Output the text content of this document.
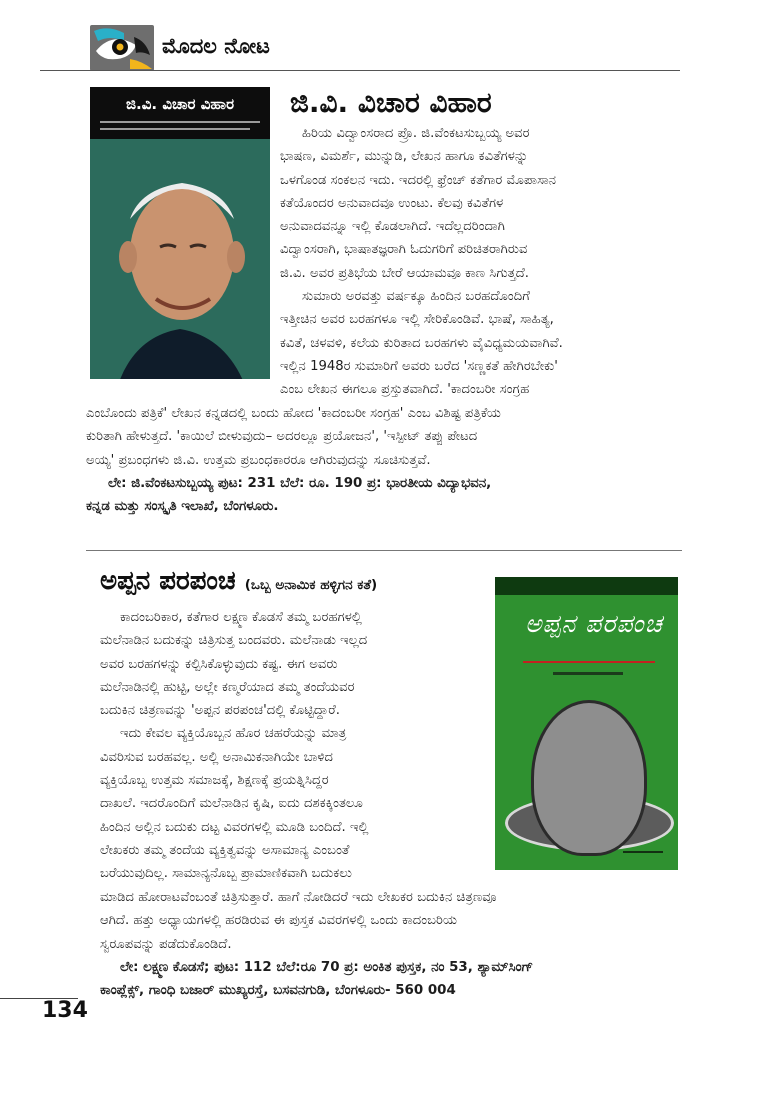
ಮೊದಲ ನೋಟ
ಜಿ.ವಿ. ವಿಚಾರ ವಿಹಾರ	ಜಿ.ವಿ. ವಿಚಾರ ವಿಹಾರ
ಹಿರಿಯ ವಿದ್ವಾಂಸರಾದ ಪ್ರೊ. ಜಿ.ವೆಂಕಟಸುಬ್ಬಯ್ಯ ಅವರ
ಭಾಷಣ, ವಿಮರ್ಶೆ, ಮುನ್ನುಡಿ, ಲೇಖನ ಹಾಗೂ ಕವಿತೆಗಳನ್ನು
ಒಳಗೊಂಡ ಸಂಕಲನ ಇದು. ಇದರಲ್ಲಿ ಫ್ರೆಂಚ್ ಕತೆಗಾರ ಮೊಪಾಸಾನ
ಕತೆಯೊಂದರ ಅನುವಾದವೂ ಉಂಟು. ಕೆಲವು ಕವಿತೆಗಳ
ಅನುವಾದವನ್ನೂ ಇಲ್ಲಿ ಕೊಡಲಾಗಿದೆ. ಇದೆಲ್ಲದರಿಂದಾಗಿ
ವಿದ್ವಾಂಸರಾಗಿ, ಭಾಷಾತಜ್ಞರಾಗಿ ಓದುಗರಿಗೆ ಪರಿಚಿತರಾಗಿರುವ
ಜಿ.ವಿ. ಅವರ ಪ್ರತಿಭೆಯ ಬೇರೆ ಆಯಾಮವೂ ಕಾಣ ಸಿಗುತ್ತದೆ.
ಸುಮಾರು ಅರವತ್ತು ವರ್ಷಕ್ಕೂ ಹಿಂದಿನ ಬರಹದೊಂದಿಗೆ
ಇತ್ತೀಚಿನ ಅವರ ಬರಹಗಳೂ ಇಲ್ಲಿ ಸೇರಿಕೊಂಡಿವೆ. ಭಾಷೆ, ಸಾಹಿತ್ಯ,
ಕವಿತೆ, ಚಳವಳಿ, ಕಲೆಯ ಕುರಿತಾದ ಬರಹಗಳು ವೈವಿಧ್ಯಮಯವಾಗಿವೆ.
ಇಲ್ಲಿನ 1948ರ ಸುಮಾರಿಗೆ ಅವರು ಬರೆದ 'ಸಣ್ಣಕತೆ ಹೇಗಿರಬೇಕು'
ಎಂಬ ಲೇಖನ ಈಗಲೂ ಪ್ರಸ್ತುತವಾಗಿದೆ. 'ಕಾದಂಬರೀ ಸಂಗ್ರಹ
ಎಂಬೊಂದು ಪತ್ರಿಕೆ' ಲೇಖನ ಕನ್ನಡದಲ್ಲಿ ಬಂದು ಹೋದ 'ಕಾದಂಬರೀ ಸಂಗ್ರಹ' ಎಂಬ ವಿಶಿಷ್ಟ ಪತ್ರಿಕೆಯ
ಕುರಿತಾಗಿ ಹೇಳುತ್ತದೆ. 'ಕಾಯಿಲೆ ಬೀಳುವುದು– ಅದರಲ್ಲೂ ಪ್ರಯೋಜನ', 'ಇಸ್ಪೀಟ್ ತಪ್ಪು ಪೇಟದ
ಅಯ್ಯ' ಪ್ರಬಂಧಗಳು ಜಿ.ವಿ. ಉತ್ತಮ ಪ್ರಬಂಧಕಾರರೂ ಆಗಿರುವುದನ್ನು ಸೂಚಿಸುತ್ತವೆ.
ಲೇ: ಜಿ.ವೆಂಕಟಸುಬ್ಬಯ್ಯ ಪುಟ: 231 ಬೆಲೆ: ರೂ. 190 ಪ್ರ: ಭಾರತೀಯ ವಿದ್ಯಾಭವನ,
ಕನ್ನಡ ಮತ್ತು ಸಂಸ್ಕೃತಿ ಇಲಾಖೆ, ಬೆಂಗಳೂರು.
ಅಪ್ಪನ ಪರಪಂಚ (ಒಬ್ಬ ಅನಾಮಿಕ ಹಳ್ಳಿಗನ ಕತೆ)
ಅಪ್ಪನ ಪರಪಂಚ
ಕಾದಂಬರಿಕಾರ, ಕತೆಗಾರ ಲಕ್ಷ್ಮಣ ಕೊಡಸೆ ತಮ್ಮ ಬರಹಗಳಲ್ಲಿ
ಮಲೆನಾಡಿನ ಬದುಕನ್ನು ಚಿತ್ರಿಸುತ್ತ ಬಂದವರು. ಮಲೆನಾಡು ಇಲ್ಲದ
ಅವರ ಬರಹಗಳನ್ನು ಕಲ್ಪಿಸಿಕೊಳ್ಳುವುದು ಕಷ್ಟ. ಈಗ ಅವರು
ಮಲೆನಾಡಿನಲ್ಲಿ ಹುಟ್ಟಿ, ಅಲ್ಲೇ ಕಣ್ಮರೆಯಾದ ತಮ್ಮ ತಂದೆಯವರ
ಬದುಕಿನ ಚಿತ್ರಣವನ್ನು 'ಅಪ್ಪನ ಪರಪಂಚ'ದಲ್ಲಿ ಕೊಟ್ಟಿದ್ದಾರೆ.
ಇದು ಕೇವಲ ವ್ಯಕ್ತಿಯೊಬ್ಬನ ಹೊರ ಚಹರೆಯನ್ನು ಮಾತ್ರ
ವಿವರಿಸುವ ಬರಹವಲ್ಲ. ಅಲ್ಲಿ ಅನಾಮಿಕನಾಗಿಯೇ ಬಾಳಿದ
ವ್ಯಕ್ತಿಯೊಬ್ಬ ಉತ್ತಮ ಸಮಾಜಕ್ಕೆ, ಶಿಕ್ಷಣಕ್ಕೆ ಪ್ರಯತ್ನಿಸಿದ್ದರ
ದಾಖಲೆ. ಇದರೊಂದಿಗೆ ಮಲೆನಾಡಿನ ಕೃಷಿ, ಐದು ದಶಕಕ್ಕಿಂತಲೂ
ಹಿಂದಿನ ಅಲ್ಲಿನ ಬದುಕು ದಟ್ಟ ವಿವರಗಳಲ್ಲಿ ಮೂಡಿ ಬಂದಿದೆ. ಇಲ್ಲಿ
ಲೇಖಕರು ತಮ್ಮ ತಂದೆಯ ವ್ಯಕ್ತಿತ್ವವನ್ನು ಅಸಾಮಾನ್ಯ ಎಂಬಂತೆ
ಬರೆಯುವುದಿಲ್ಲ. ಸಾಮಾನ್ಯನೊಬ್ಬ ಪ್ರಾಮಾಣಿಕವಾಗಿ ಬದುಕಲು
ಮಾಡಿದ ಹೋರಾಟವೆಂಬಂತೆ ಚಿತ್ರಿಸುತ್ತಾರೆ. ಹಾಗೆ ನೋಡಿದರೆ ಇದು ಲೇಖಕರ ಬದುಕಿನ ಚಿತ್ರಣವೂ
ಆಗಿದೆ. ಹತ್ತು ಅಧ್ಯಾಯಗಳಲ್ಲಿ ಹರಡಿರುವ ಈ ಪುಸ್ತಕ ವಿವರಗಳಲ್ಲಿ ಒಂದು ಕಾದಂಬರಿಯ
ಸ್ವರೂಪವನ್ನು ಪಡೆದುಕೊಂಡಿದೆ.
ಲೇ: ಲಕ್ಷ್ಮಣ ಕೊಡಸೆ; ಪುಟ: 112 ಬೆಲೆ:ರೂ 70 ಪ್ರ: ಅಂಕಿತ ಪುಸ್ತಕ, ನಂ 53, ಶ್ಯಾಮ್‌ಸಿಂಗ್
ಕಾಂಪ್ಲೆಕ್ಸ್, ಗಾಂಧಿ ಬಜಾರ್ ಮುಖ್ಯರಸ್ತೆ, ಬಸವನಗುಡಿ, ಬೆಂಗಳೂರು- 560 004
134
